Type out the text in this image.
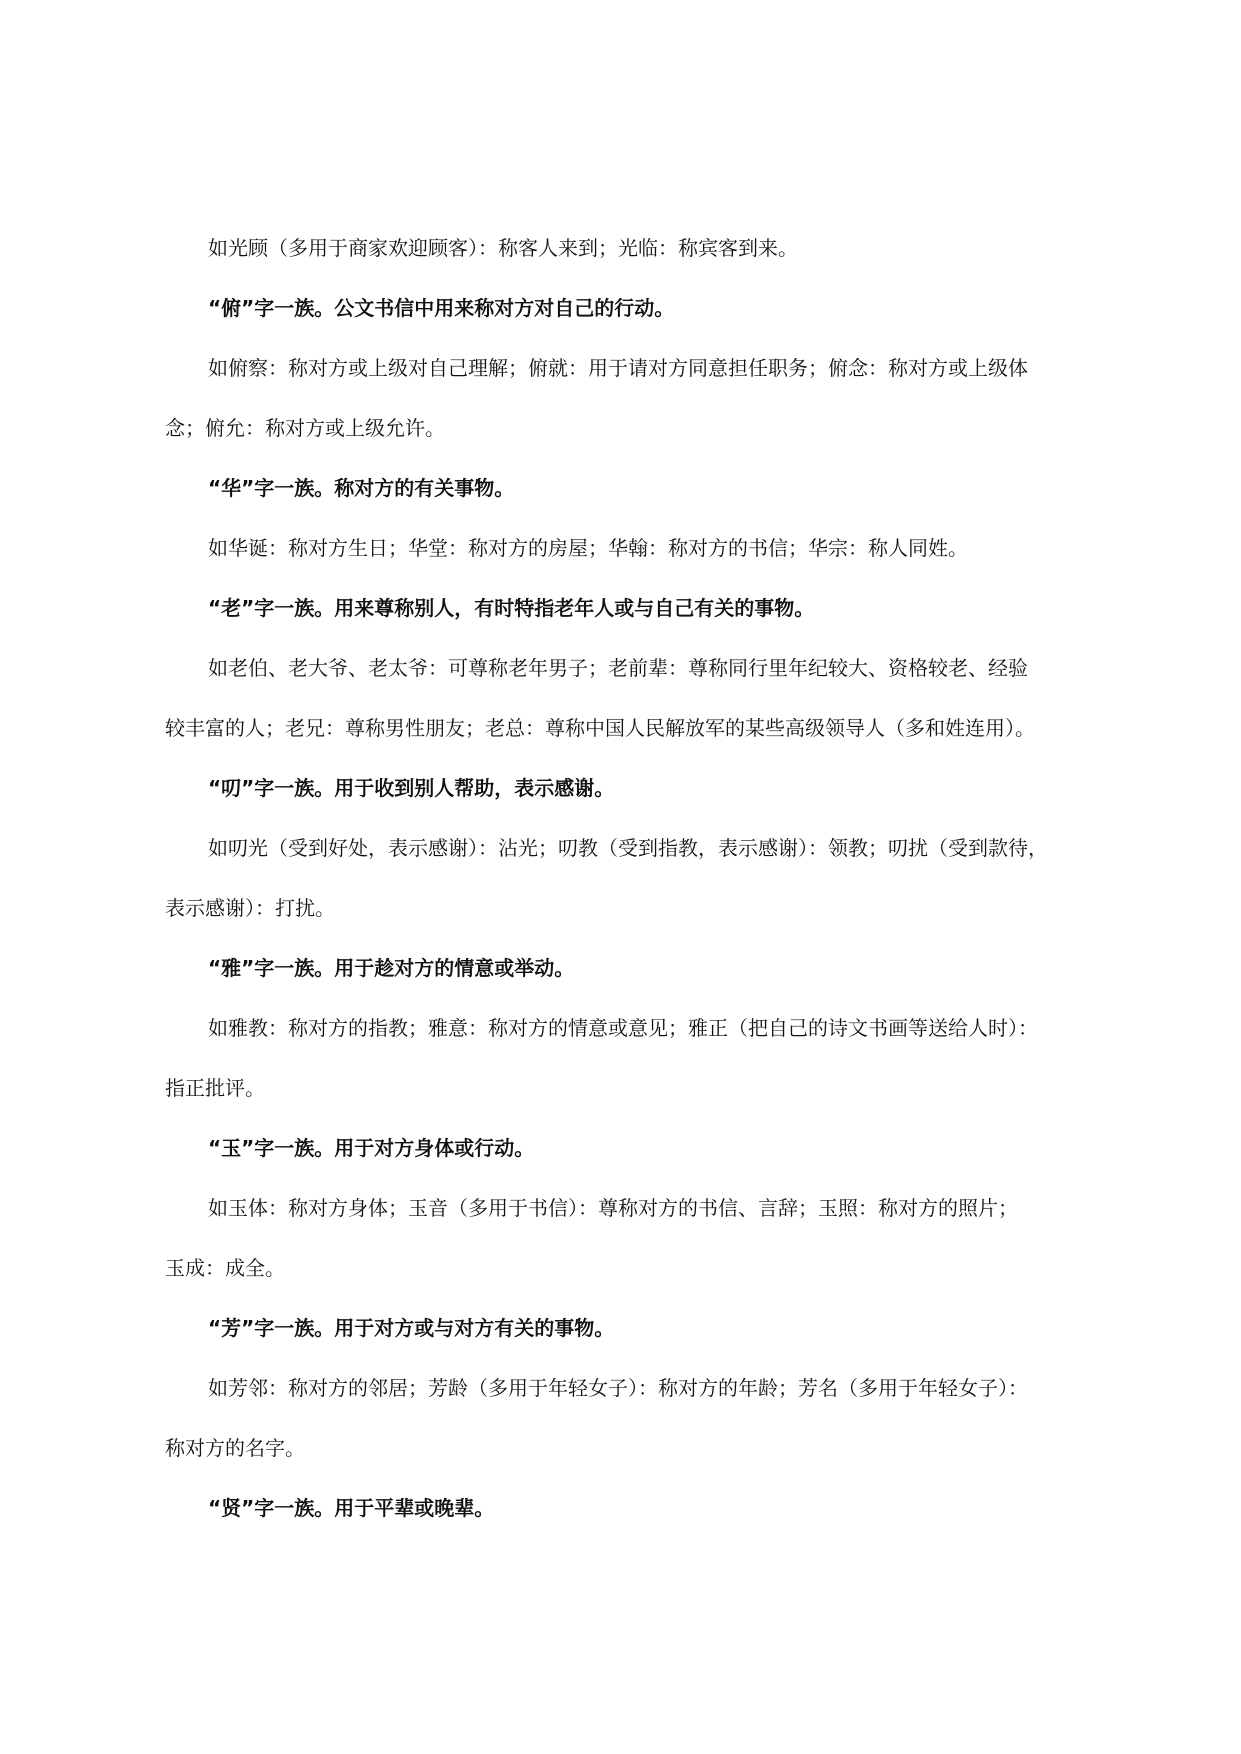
如光顾（多用于商家欢迎顾客）：称客人来到；光临：称宾客到来。
“俯”字一族。公文书信中用来称对方对自己的行动。
如俯察：称对方或上级对自己理解；俯就：用于请对方同意担任职务；俯念：称对方或上级体
念；俯允：称对方或上级允许。
“华”字一族。称对方的有关事物。
如华诞：称对方生日；华堂：称对方的房屋；华翰：称对方的书信；华宗：称人同姓。
“老”字一族。用来尊称别人，有时特指老年人或与自己有关的事物。
如老伯、老大爷、老太爷：可尊称老年男子；老前辈：尊称同行里年纪较大、资格较老、经验
较丰富的人；老兄：尊称男性朋友；老总：尊称中国人民解放军的某些高级领导人（多和姓连用）。
“叨”字一族。用于收到别人帮助，表示感谢。
如叨光（受到好处，表示感谢）：沾光；叨教（受到指教，表示感谢）：领教；叨扰（受到款待，
表示感谢）：打扰。
“雅”字一族。用于趁对方的情意或举动。
如雅教：称对方的指教；雅意：称对方的情意或意见；雅正（把自己的诗文书画等送给人时）：
指正批评。
“玉”字一族。用于对方身体或行动。
如玉体：称对方身体；玉音（多用于书信）：尊称对方的书信、言辞；玉照：称对方的照片；
玉成：成全。
“芳”字一族。用于对方或与对方有关的事物。
如芳邻：称对方的邻居；芳龄（多用于年轻女子）：称对方的年龄；芳名（多用于年轻女子）：
称对方的名字。
“贤”字一族。用于平辈或晚辈。
